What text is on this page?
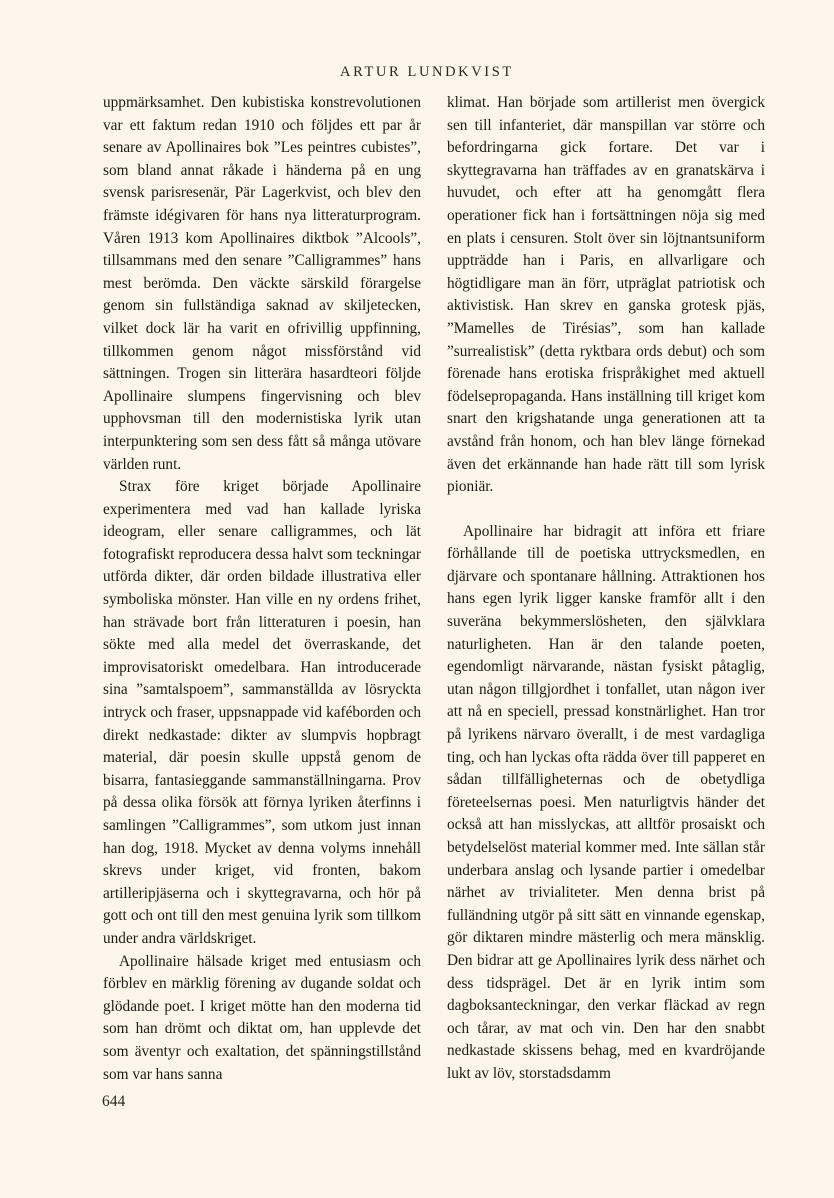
ARTUR LUNDKVIST

uppmärksamhet. Den kubistiska konstrevolutionen var ett faktum redan 1910 och följdes ett par år senare av Apollinaires bok ”Les peintres cubistes”, som bland annat råkade i händerna på en ung svensk parisresenär, Pär Lagerkvist, och blev den främste idégivaren för hans nya litteraturprogram. Våren 1913 kom Apollinaires diktbok ”Alcools”, tillsammans med den senare ”Calligrammes” hans mest berömda. Den väckte särskild förargelse genom sin fullständiga saknad av skiljetecken, vilket dock lär ha varit en ofrivillig uppfinning, tillkommen genom något missförstånd vid sättningen. Trogen sin litterära hasardteori följde Apollinaire slumpens fingervisning och blev upphovsman till den modernistiska lyrik utan interpunktering som sen dess fått så många utövare världen runt.

Strax före kriget började Apollinaire experimentera med vad han kallade lyriska ideogram, eller senare calligrammes, och lät fotografiskt reproducera dessa halvt som teckningar utförda dikter, där orden bildade illustrativa eller symboliska mönster. Han ville en ny ordens frihet, han strävade bort från litteraturen i poesin, han sökte med alla medel det överraskande, det improvisatoriskt omedelbara. Han introducerade sina ”samtalspoem”, sammanställda av lösryckta intryck och fraser, uppsnappade vid kaféborden och direkt nedkastade: dikter av slumpvis hopbragt material, där poesin skulle uppstå genom de bisarra, fantasieggande sammanställningarna. Prov på dessa olika försök att förnya lyriken återfinns i samlingen ”Calligrammes”, som utkom just innan han dog, 1918. Mycket av denna volyms innehåll skrevs under kriget, vid fronten, bakom artilleripjäserna och i skyttegravarna, och hör på gott och ont till den mest genuina lyrik som tillkom under andra världskriget.

Apollinaire hälsade kriget med entusiasm och förblev en märklig förening av dugande soldat och glödande poet. I kriget mötte han den moderna tid som han drömt och diktat om, han upplevde det som äventyr och exaltation, det spänningstillstånd som var hans sanna

klimat. Han började som artillerist men övergick sen till infanteriet, där manspillan var större och befordringarna gick fortare. Det var i skyttegravarna han träffades av en granatskärva i huvudet, och efter att ha genomgått flera operationer fick han i fortsättningen nöja sig med en plats i censuren. Stolt över sin löjtnantsuniform uppträdde han i Paris, en allvarligare och högtidligare man än förr, utpräglat patriotisk och aktivistisk. Han skrev en ganska grotesk pjäs, ”Mamelles de Tirésias”, som han kallade ”surrealistisk” (detta ryktbara ords debut) och som förenade hans erotiska frispråkighet med aktuell födelsepropaganda. Hans inställning till kriget kom snart den krigshatande unga generationen att ta avstånd från honom, och han blev länge förnekad även det erkännande han hade rätt till som lyrisk pioniär.

Apollinaire har bidragit att införa ett friare förhållande till de poetiska uttrycksmedlen, en djärvare och spontanare hållning. Attraktionen hos hans egen lyrik ligger kanske framför allt i den suveräna bekymmerslösheten, den självklara naturligheten. Han är den talande poeten, egendomligt närvarande, nästan fysiskt påtaglig, utan någon tillgjordhet i tonfallet, utan någon iver att nå en speciell, pressad konstnärlighet. Han tror på lyrikens närvaro överallt, i de mest vardagliga ting, och han lyckas ofta rädda över till papperet en sådan tillfälligheternas och de obetydliga företeelsernas poesi. Men naturligtvis händer det också att han misslyckas, att alltför prosaiskt och betydelselöst material kommer med. Inte sällan står underbara anslag och lysande partier i omedelbar närhet av trivialiteter. Men denna brist på fulländning utgör på sitt sätt en vinnande egenskap, gör diktaren mindre mästerlig och mera mänsklig. Den bidrar att ge Apollinaires lyrik dess närhet och dess tidsprägel. Det är en lyrik intim som dagboksanteckningar, den verkar fläckad av regn och tårar, av mat och vin. Den har den snabbt nedkastade skissens behag, med en kvardröjande lukt av löv, storstadsdamm

644
